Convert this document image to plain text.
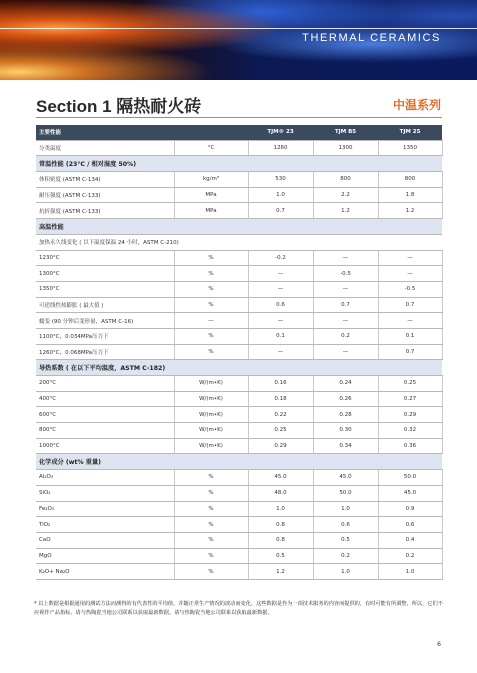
THERMAL CERAMICS
Section 1 隔热耐火砖	中温系列
主要性能		TJM® 23	TJM B5	TJM 25
分类温度	°C	1260	1300	1350
常温性能 (23°C / 相对湿度 50%)				
体积密度 (ASTM C-134)	kg/m³	530	800	800
耐压强度 (ASTM C-133)	MPa	1.0	2.2	1.8
抗折强度 (ASTM C-133)	MPa	0.7	1.2	1.2
高温性能				
加热永久线变化 ( 以下温度保温 24 小时，ASTM C-210)				
1230°C	%	-0.2	—	—
1300°C	%	—	-0.5	—
1350°C	%	—	—	-0.5
可逆线性热膨胀 ( 最大值 )	%	0.6	0.7	0.7
蠕变 (90 分钟后变形量，ASTM C-16)	—	—	—	—
1100°C，0.034MPa压力下	%	0.1	0.2	0.1
1260°C，0.068MPa压力下	%	—	—	0.7
导热系数 ( 在以下平均温度，ASTM C-182)				
200°C	W/(m•K)	0.16	0.24	0.25
400°C	W/(m•K)	0.18	0.26	0.27
600°C	W/(m•K)	0.22	0.28	0.29
800°C	W/(m•K)	0.25	0.30	0.32
1000°C	W/(m•K)	0.29	0.34	0.36
化学成分 (wt% 重量)				
Al₂O₃	%	45.0	45.0	50.0
SiO₂	%	48.0	50.0	45.0
Fe₂O₃	%	1.0	1.0	0.9
TiO₂	%	0.8	0.6	0.6
CaO	%	0.8	0.5	0.4
MgO	%	0.5	0.2	0.2
K₂O+ Na₂O	%	1.2	1.0	1.0
* 以上数据是根据通用的测试方法而测得的有代表性的平均值，并随正常生产情况的波动而变化。这些数据是作为一项技术服务的内容而提供的，有时可能有所调整，所以，它们不应视作产品指标。请与热陶瓷当地公司联系以获取最新数据。请与热陶瓷当地公司联系以获取最新数据。
6
